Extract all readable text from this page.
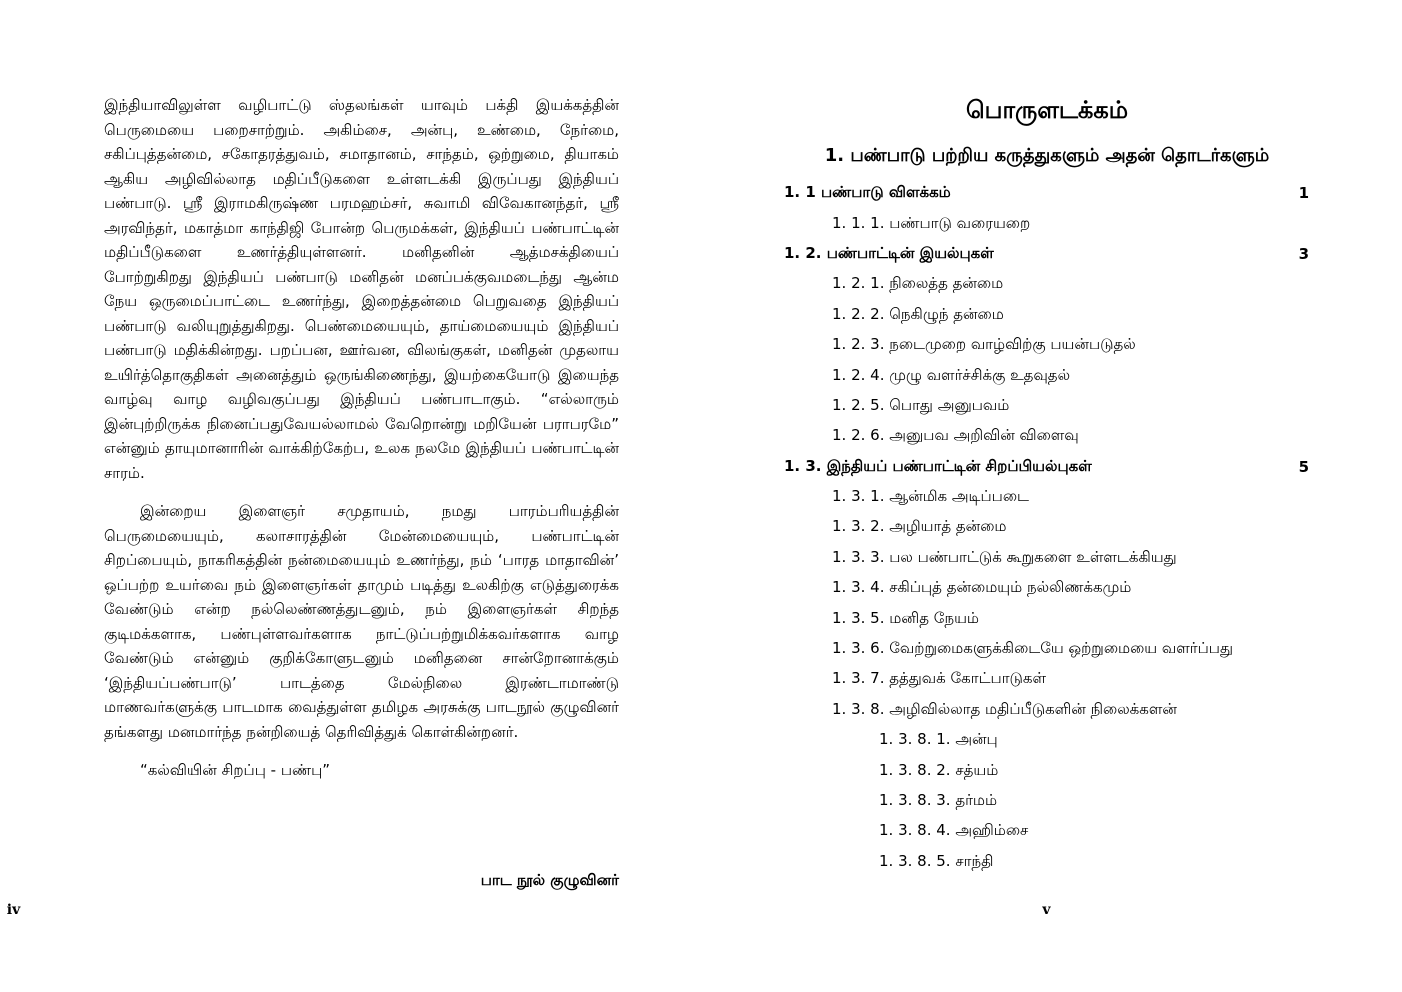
இந்தியாவிலுள்ள வழிபாட்டு ஸ்தலங்கள் யாவும் பக்தி இயக்கத்தின் பெருமையை பறைசாற்றும். அகிம்சை, அன்பு, உண்மை, நேர்மை, சகிப்புத்தன்மை, சகோதரத்துவம், சமாதானம், சாந்தம், ஒற்றுமை, தியாகம் ஆகிய அழிவில்லாத மதிப்பீடுகளை உள்ளடக்கி இருப்பது இந்தியப் பண்பாடு. ஸ்ரீ இராமகிருஷ்ண பரமஹம்சர், சுவாமி விவேகானந்தர், ஸ்ரீ அரவிந்தர், மகாத்மா காந்திஜி போன்ற பெருமக்கள், இந்தியப் பண்பாட்டின் மதிப்பீடுகளை உணர்த்தியுள்ளனர். மனிதனின் ஆத்மசக்தியைப் போற்றுகிறது இந்தியப் பண்பாடு மனிதன் மனப்பக்குவமடைந்து ஆன்ம நேய ஒருமைப்பாட்டை உணர்ந்து, இறைத்தன்மை பெறுவதை இந்தியப் பண்பாடு வலியுறுத்துகிறது. பெண்மையையும், தாய்மையையும் இந்தியப் பண்பாடு மதிக்கின்றது. பறப்பன, ஊர்வன, விலங்குகள், மனிதன் முதலாய உயிர்த்தொகுதிகள் அனைத்தும் ஒருங்கிணைந்து, இயற்கையோடு இயைந்த வாழ்வு வாழ வழிவகுப்பது இந்தியப் பண்பாடாகும். “எல்லாரும் இன்புற்றிருக்க நினைப்பதுவேயல்லாமல் வேறொன்று மறியேன் பராபரமே” என்னும் தாயுமானாரின் வாக்கிற்கேற்ப, உலக நலமே இந்தியப் பண்பாட்டின் சாரம்.

இன்றைய இளைஞர் சமுதாயம், நமது பாரம்பரியத்தின் பெருமையையும், கலாசாரத்தின் மேன்மையையும், பண்பாட்டின் சிறப்பையும், நாகரிகத்தின் நன்மையையும் உணர்ந்து, நம் ‘பாரத மாதாவின்’ ஒப்பற்ற உயர்வை நம் இளைஞர்கள் தாமும் படித்து உலகிற்கு எடுத்துரைக்க வேண்டும் என்ற நல்லெண்ணத்துடனும், நம் இளைஞர்கள் சிறந்த குடிமக்களாக, பண்புள்ளவர்களாக நாட்டுப்பற்றுமிக்கவர்களாக வாழ வேண்டும் என்னும் குறிக்கோளுடனும் மனிதனை சான்றோனாக்கும் ‘இந்தியப்பண்பாடு’ பாடத்தை மேல்நிலை இரண்டாமாண்டு மாணவர்களுக்கு பாடமாக வைத்துள்ள தமிழக அரசுக்கு பாடநூல் குழுவினர் தங்களது மனமார்ந்த நன்றியைத் தெரிவித்துக் கொள்கின்றனர்.

“கல்வியின் சிறப்பு - பண்பு”

பாட நூல் குழுவினர்
iv
பொருளடக்கம்
1. பண்பாடு பற்றிய கருத்துகளும் அதன் தொடர்களும்
1. 1 பண்பாடு விளக்கம்	1
1. 1. 1. பண்பாடு வரையறை
1. 2. பண்பாட்டின் இயல்புகள்	3
1. 2. 1. நிலைத்த தன்மை
1. 2. 2. நெகிழுந் தன்மை
1. 2. 3. நடைமுறை வாழ்விற்கு பயன்படுதல்
1. 2. 4. முழு வளர்ச்சிக்கு உதவுதல்
1. 2. 5. பொது அனுபவம்
1. 2. 6. அனுபவ அறிவின் விளைவு
1. 3. இந்தியப் பண்பாட்டின் சிறப்பியல்புகள்	5
1. 3. 1. ஆன்மிக அடிப்படை
1. 3. 2. அழியாத் தன்மை
1. 3. 3. பல பண்பாட்டுக் கூறுகளை உள்ளடக்கியது
1. 3. 4. சகிப்புத் தன்மையும் நல்லிணக்கமும்
1. 3. 5. மனித நேயம்
1. 3. 6. வேற்றுமைகளுக்கிடையே ஒற்றுமையை வளர்ப்பது
1. 3. 7. தத்துவக் கோட்பாடுகள்
1. 3. 8. அழிவில்லாத மதிப்பீடுகளின் நிலைக்களன்
1. 3. 8. 1. அன்பு
1. 3. 8. 2. சத்யம்
1. 3. 8. 3. தர்மம்
1. 3. 8. 4. அஹிம்சை
1. 3. 8. 5. சாந்தி
v
